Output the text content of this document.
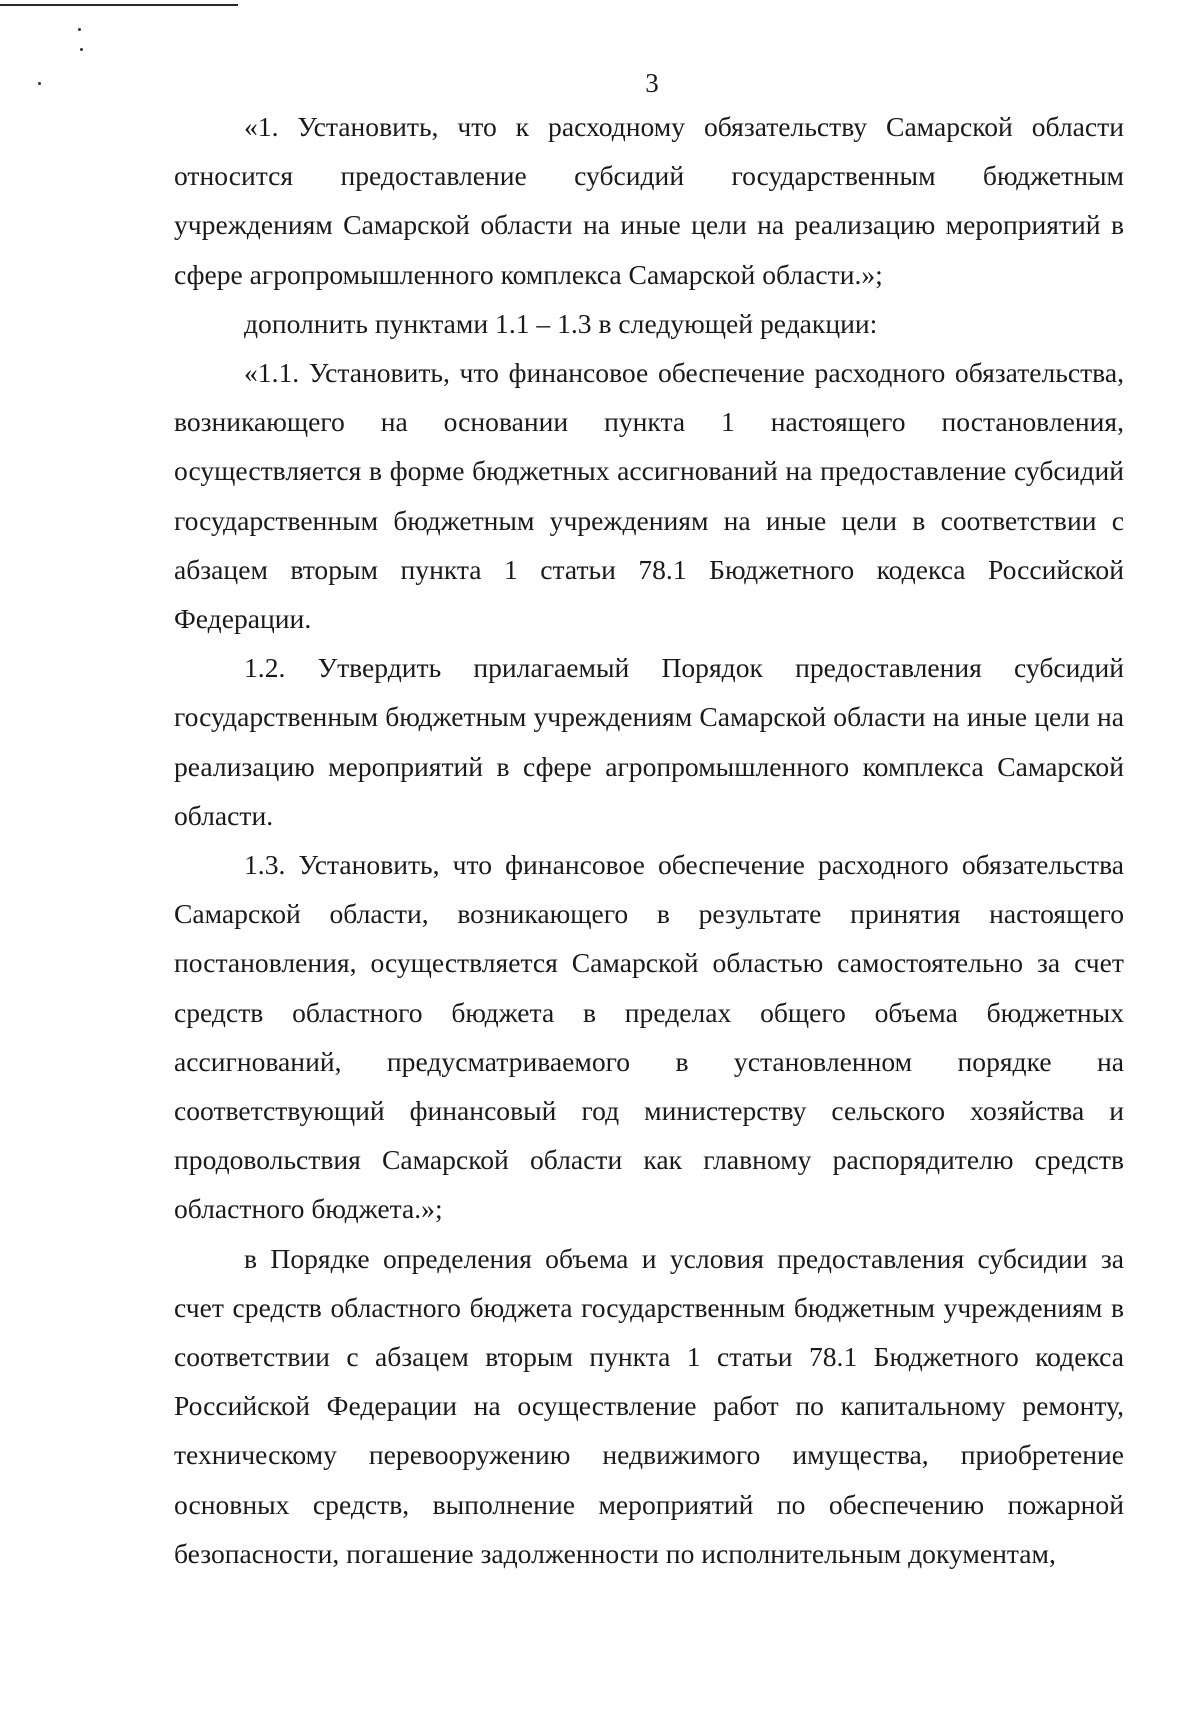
3

«1. Установить, что к расходному обязательству Самарской области относится предоставление субсидий государственным бюджетным учреждениям Самарской области на иные цели на реализацию мероприятий в сфере агропромышленного комплекса Самарской области.»;

дополнить пунктами 1.1 – 1.3 в следующей редакции:

«1.1. Установить, что финансовое обеспечение расходного обязательства, возникающего на основании пункта 1 настоящего постановления, осуществляется в форме бюджетных ассигнований на предоставление субсидий государственным бюджетным учреждениям на иные цели в соответствии с абзацем вторым пункта 1 статьи 78.1 Бюджетного кодекса Российской Федерации.

1.2. Утвердить прилагаемый Порядок предоставления субсидий государственным бюджетным учреждениям Самарской области на иные цели на реализацию мероприятий в сфере агропромышленного комплекса Самарской области.

1.3. Установить, что финансовое обеспечение расходного обязательства Самарской области, возникающего в результате принятия настоящего постановления, осуществляется Самарской областью самостоятельно за счет средств областного бюджета в пределах общего объема бюджетных ассигнований, предусматриваемого в установленном порядке на соответствующий финансовый год министерству сельского хозяйства и продовольствия Самарской области как главному распорядителю средств областного бюджета.»;

в Порядке определения объема и условия предоставления субсидии за счет средств областного бюджета государственным бюджетным учреждениям в соответствии с абзацем вторым пункта 1 статьи 78.1 Бюджетного кодекса Российской Федерации на осуществление работ по капитальному ремонту, техническому перевооружению недвижимого имущества, приобретение основных средств, выполнение мероприятий по обеспечению пожарной безопасности, погашение задолженности по исполнительным документам,
